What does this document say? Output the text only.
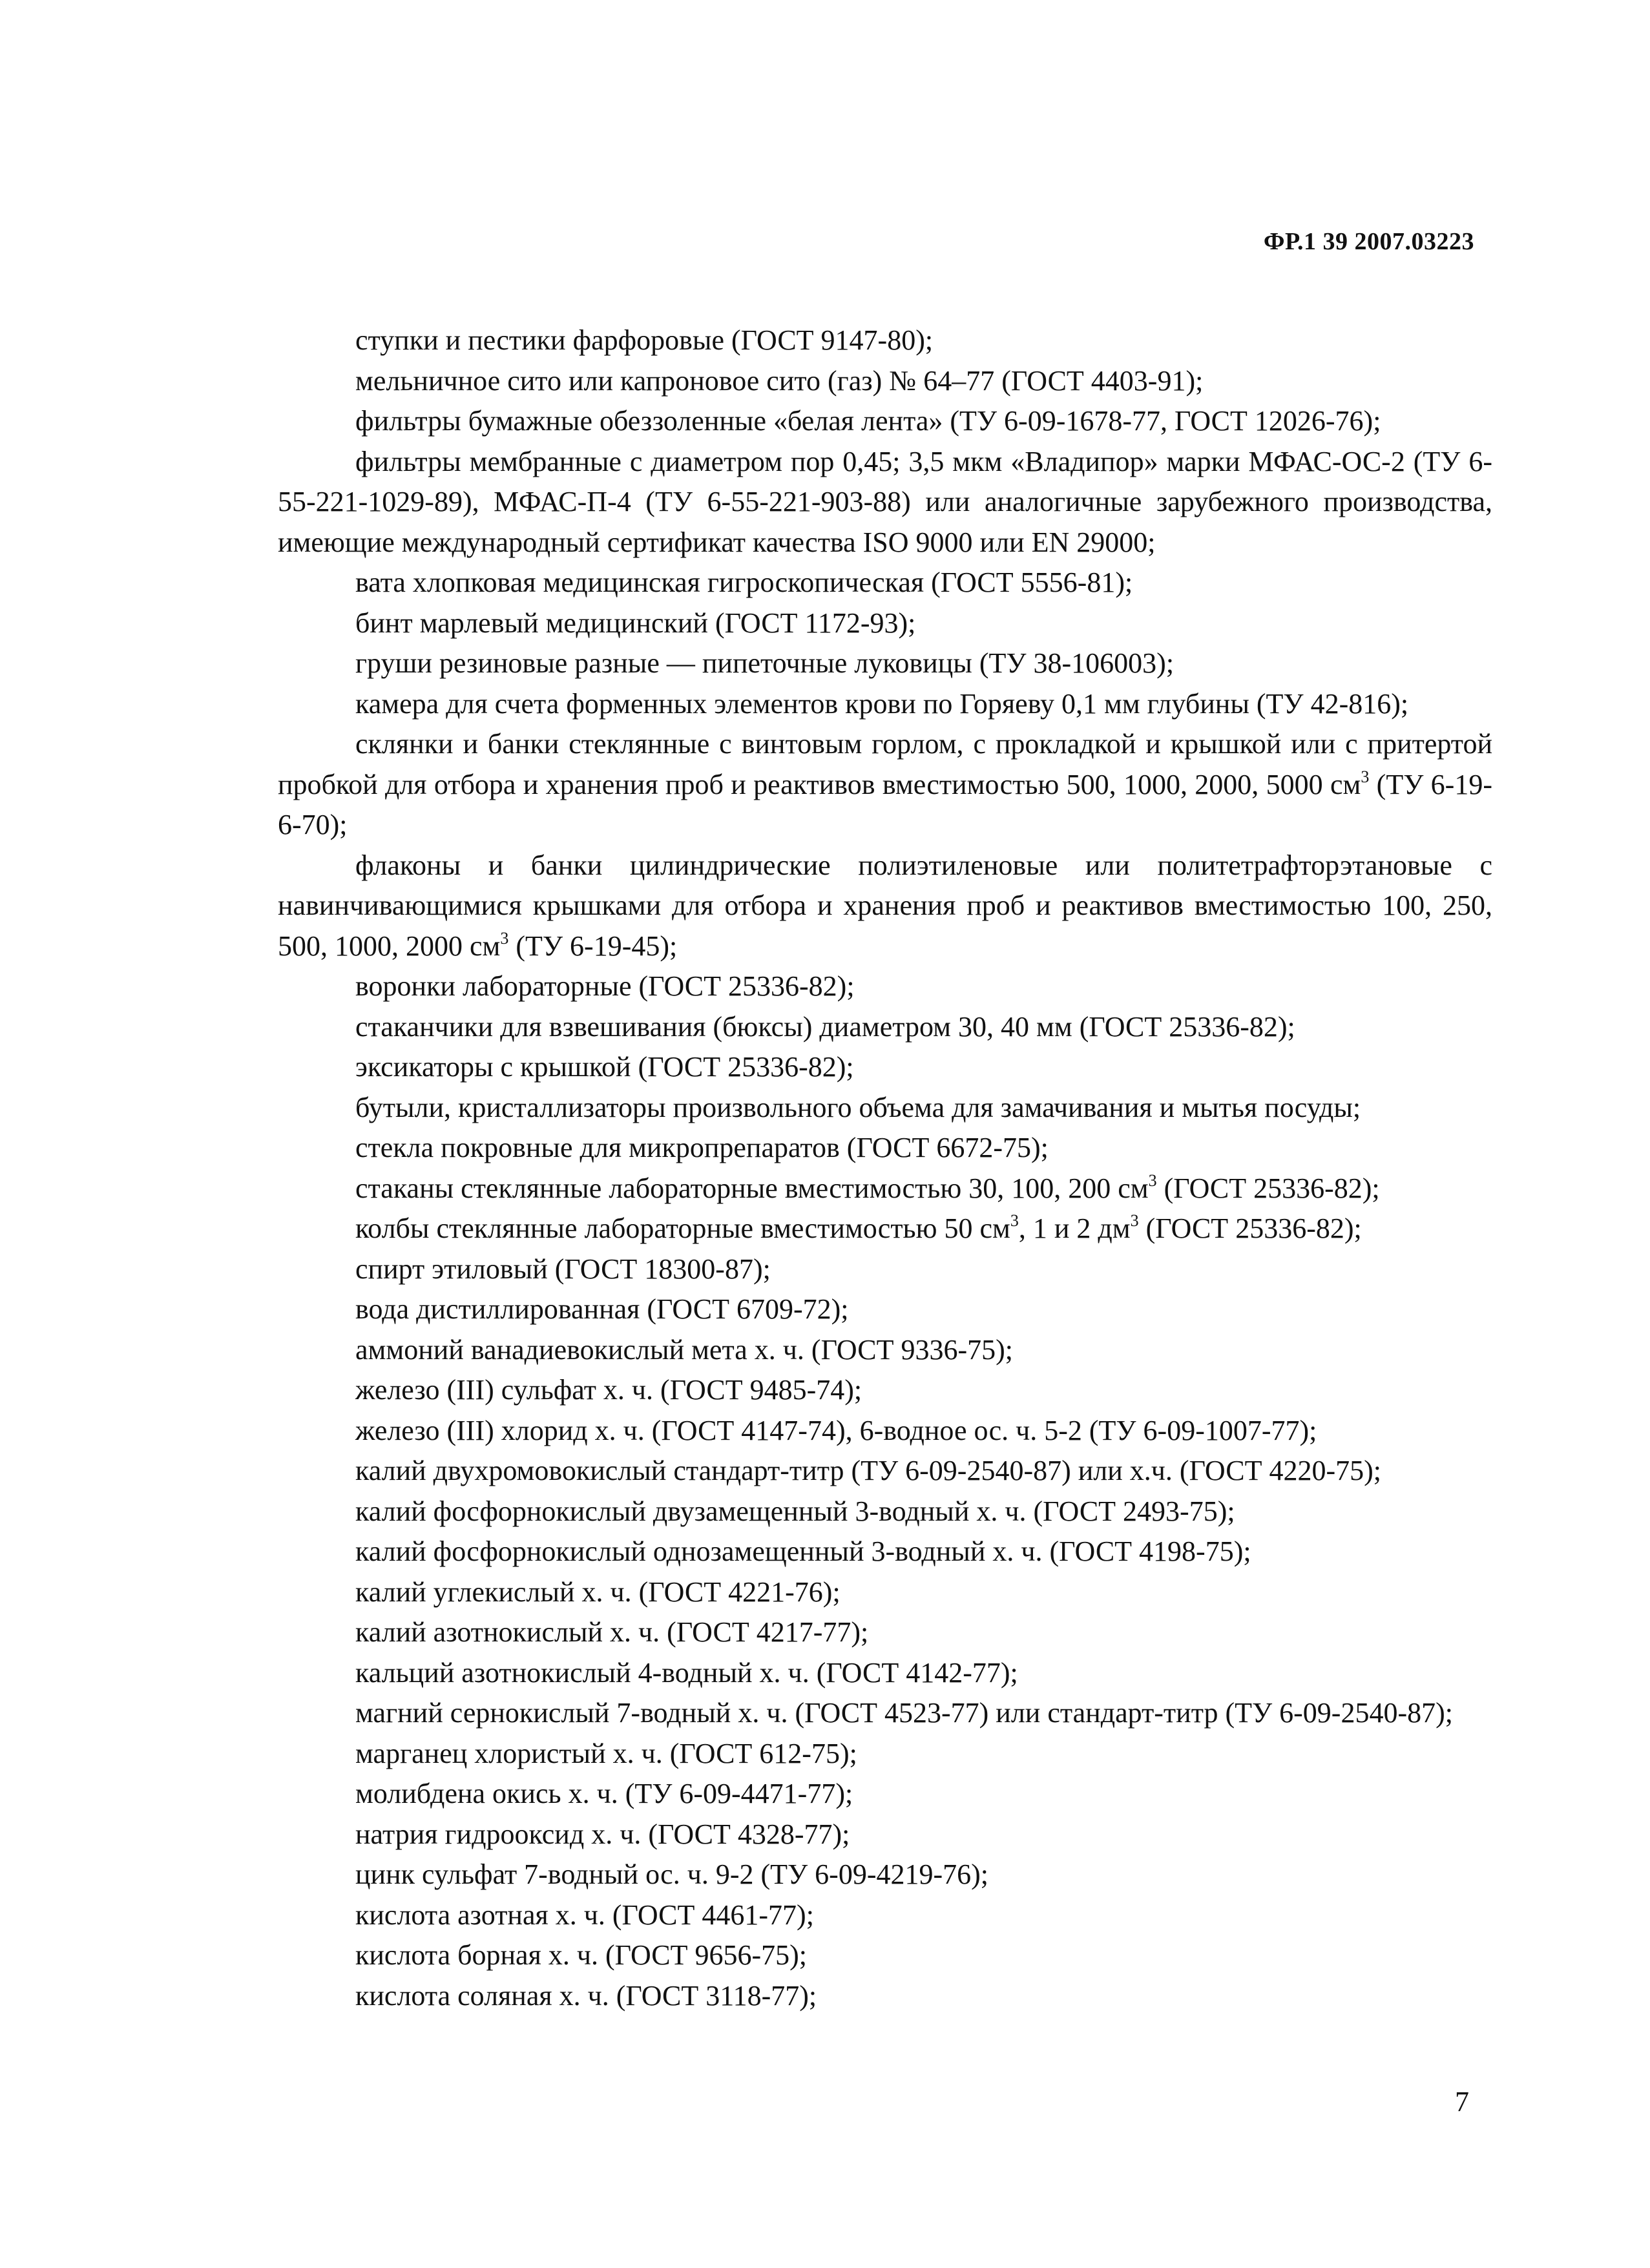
ФР.1 39 2007.03223

ступки и пестики фарфоровые (ГОСТ 9147-80);

мельничное сито или капроновое сито (газ) № 64–77 (ГОСТ 4403-91);

фильтры бумажные обеззоленные «белая лента» (ТУ 6-09-1678-77, ГОСТ 12026-76);

фильтры мембранные с диаметром пор 0,45; 3,5 мкм «Владипор» марки МФАС-ОС-2 (ТУ 6-55-221-1029-89), МФАС-П-4 (ТУ 6-55-221-903-88) или аналогичные зарубежного производства, имеющие международный сертификат качества ISO 9000 или EN 29000;

вата хлопковая медицинская гигроскопическая (ГОСТ 5556-81);

бинт марлевый медицинский (ГОСТ 1172-93);

груши резиновые разные — пипеточные луковицы (ТУ 38-106003);

камера для счета форменных элементов крови по Горяеву 0,1 мм глубины (ТУ 42-816);

склянки и банки стеклянные с винтовым горлом, с прокладкой и крышкой или с притертой пробкой для отбора и хранения проб и реактивов вместимостью 500, 1000, 2000, 5000 $см^3$ (ТУ 6-19-6-70);

флаконы и банки цилиндрические полиэтиленовые или политетрафторэтановые с навинчивающимися крышками для отбора и хранения проб и реактивов вместимостью 100, 250, 500, 1000, 2000 $см^3$ (ТУ 6-19-45);

воронки лабораторные (ГОСТ 25336-82);

стаканчики для взвешивания (бюксы) диаметром 30, 40 мм (ГОСТ 25336-82);

эксикаторы с крышкой (ГОСТ 25336-82);

бутыли, кристаллизаторы произвольного объема для замачивания и мытья посуды;

стекла покровные для микропрепаратов (ГОСТ 6672-75);

стаканы стеклянные лабораторные вместимостью 30, 100, 200 $см^3$ (ГОСТ 25336-82);

колбы стеклянные лабораторные вместимостью 50 $см^3$, 1 и 2 $дм^3$ (ГОСТ 25336-82);

спирт этиловый (ГОСТ 18300-87);

вода дистиллированная (ГОСТ 6709-72);

аммоний ванадиевокислый мета х. ч. (ГОСТ 9336-75);

железо (III) сульфат х. ч. (ГОСТ 9485-74);

железо (III) хлорид х. ч. (ГОСТ 4147-74), 6-водное ос. ч. 5-2 (ТУ 6-09-1007-77);

калий двухромовокислый стандарт-титр (ТУ 6-09-2540-87) или х.ч. (ГОСТ 4220-75);

калий фосфорнокислый двузамещенный 3-водный х. ч. (ГОСТ 2493-75);

калий фосфорнокислый однозамещенный 3-водный х. ч. (ГОСТ 4198-75);

калий углекислый х. ч. (ГОСТ 4221-76);

калий азотнокислый х. ч. (ГОСТ 4217-77);

кальций азотнокислый 4-водный х. ч. (ГОСТ 4142-77);

магний сернокислый 7-водный х. ч. (ГОСТ 4523-77) или стандарт-титр (ТУ 6-09-2540-87);

марганец хлористый х. ч. (ГОСТ 612-75);

молибдена окись х. ч. (ТУ 6-09-4471-77);

натрия гидрооксид х. ч. (ГОСТ 4328-77);

цинк сульфат 7-водный ос. ч. 9-2 (ТУ 6-09-4219-76);

кислота азотная х. ч. (ГОСТ 4461-77);

кислота борная х. ч. (ГОСТ 9656-75);

кислота соляная х. ч. (ГОСТ 3118-77);

7
